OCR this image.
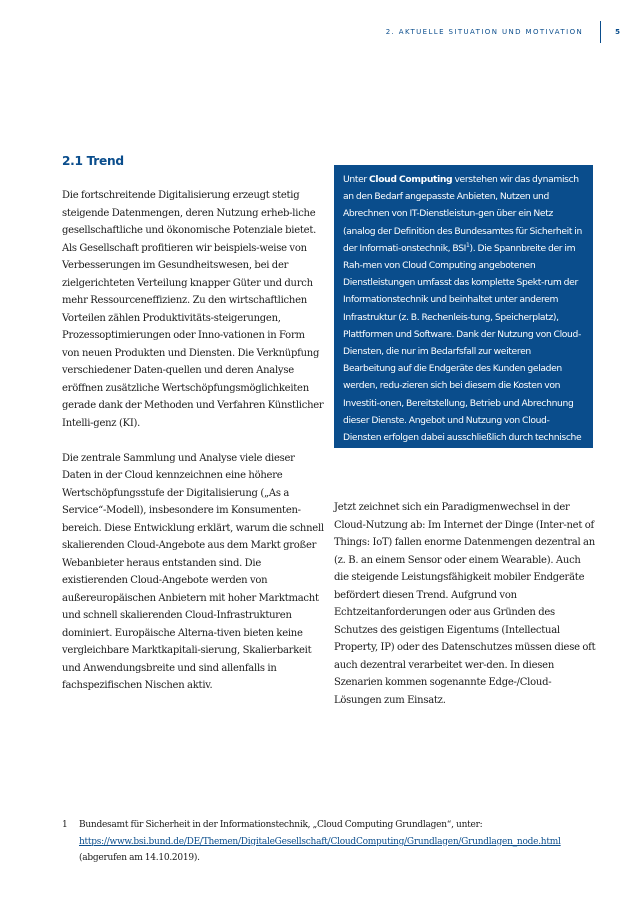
2. AKTUELLE SITUATION UND MOTIVATION	5
2.1 Trend

Die fortschreitende Digitalisierung erzeugt stetig steigende Datenmengen, deren Nutzung erheb-liche gesellschaftliche und ökonomische Potenziale bietet. Als Gesellschaft profitieren wir beispiels-weise von Verbesserungen im Gesundheitswesen, bei der zielgerichteten Verteilung knapper Güter und durch mehr Ressourceneffizienz. Zu den wirtschaftlichen Vorteilen zählen Produktivitäts-steigerungen, Prozessoptimierungen oder Inno-vationen in Form von neuen Produkten und Diensten. Die Verknüpfung verschiedener Daten-quellen und deren Analyse eröffnen zusätzliche Wertschöpfungsmöglichkeiten gerade dank der Methoden und Verfahren Künstlicher Intelli-genz (KI).

Die zentrale Sammlung und Analyse viele dieser Daten in der Cloud kennzeichnen eine höhere Wertschöpfungsstufe der Digitalisierung („As a Service“-Modell), insbesondere im Konsumenten-bereich. Diese Entwicklung erklärt, warum die schnell skalierenden Cloud-Angebote aus dem Markt großer Webanbieter heraus entstanden sind. Die existierenden Cloud-Angebote werden von außereuropäischen Anbietern mit hoher Marktmacht und schnell skalierenden Cloud-Infrastrukturen dominiert. Europäische Alterna-tiven bieten keine vergleichbare Marktkapitali-sierung, Skalierbarkeit und Anwendungsbreite und sind allenfalls in fachspezifischen Nischen aktiv.

Unter Cloud Computing verstehen wir das dynamisch an den Bedarf angepasste Anbieten, Nutzen und Abrechnen von IT-Dienstleistun-gen über ein Netz (analog der Definition des Bundesamtes für Sicherheit in der Informati-onstechnik, BSI$^1$). Die Spannbreite der im Rah-men von Cloud Computing angebotenen Dienstleistungen umfasst das komplette Spekt-rum der Informationstechnik und beinhaltet unter anderem Infrastruktur (z. B. Rechenleis-tung, Speicherplatz), Plattformen und Software. Dank der Nutzung von Cloud-Diensten, die nur im Bedarfsfall zur weiteren Bearbeitung auf die Endgeräte des Kunden geladen werden, redu-zieren sich bei diesem die Kosten von Investiti-onen, Bereitstellung, Betrieb und Abrechnung dieser Dienste. Angebot und Nutzung von Cloud-Diensten erfolgen dabei ausschließlich durch technische Schnittstellen und Protokolle.

Jetzt zeichnet sich ein Paradigmenwechsel in der Cloud-Nutzung ab: Im Internet der Dinge (Inter-net of Things: IoT) fallen enorme Datenmengen dezentral an (z. B. an einem Sensor oder einem Wearable). Auch die steigende Leistungsfähigkeit mobiler Endgeräte befördert diesen Trend. Aufgrund von Echtzeitanforderungen oder aus Gründen des Schutzes des geistigen Eigentums (Intellectual Property, IP) oder des Datenschutzes müssen diese oft auch dezentral verarbeitet wer-den. In diesen Szenarien kommen sogenannte Edge-/Cloud-Lösungen zum Einsatz.

1	Bundesamt für Sicherheit in der Informationstechnik, „Cloud Computing Grundlagen“, unter: https://www.bsi.bund.de/DE/Themen/DigitaleGesellschaft/CloudComputing/Grundlagen/Grundlagen_node.html (abgerufen am 14.10.2019).
